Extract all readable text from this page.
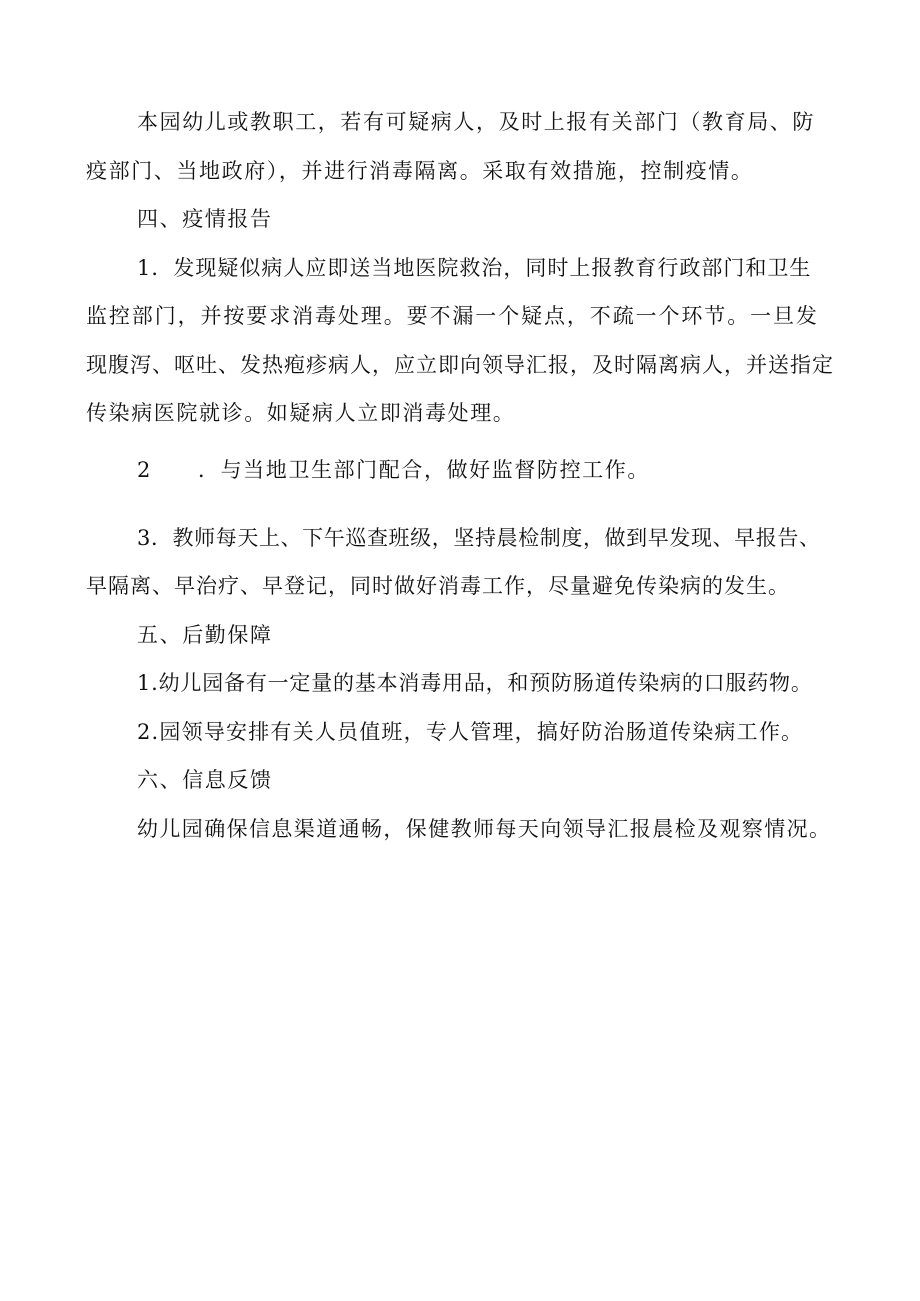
本园幼儿或教职工，若有可疑病人，及时上报有关部门（教育局、防
疫部门、当地政府），并进行消毒隔离。采取有效措施，控制疫情。
四、疫情报告
1．发现疑似病人应即送当地医院救治，同时上报教育行政部门和卫生
监控部门，并按要求消毒处理。要不漏一个疑点，不疏一个环节。一旦发
现腹泻、呕吐、发热疱疹病人，应立即向领导汇报，及时隔离病人，并送指定
传染病医院就诊。如疑病人立即消毒处理。
2 ．与当地卫生部门配合，做好监督防控工作。
3．教师每天上、下午巡查班级，坚持晨检制度，做到早发现、早报告、
早隔离、早治疗、早登记，同时做好消毒工作，尽量避免传染病的发生。
五、后勤保障
1.幼儿园备有一定量的基本消毒用品，和预防肠道传染病的口服药物。
2.园领导安排有关人员值班，专人管理，搞好防治肠道传染病工作。
六、信息反馈
幼儿园确保信息渠道通畅，保健教师每天向领导汇报晨检及观察情况。
